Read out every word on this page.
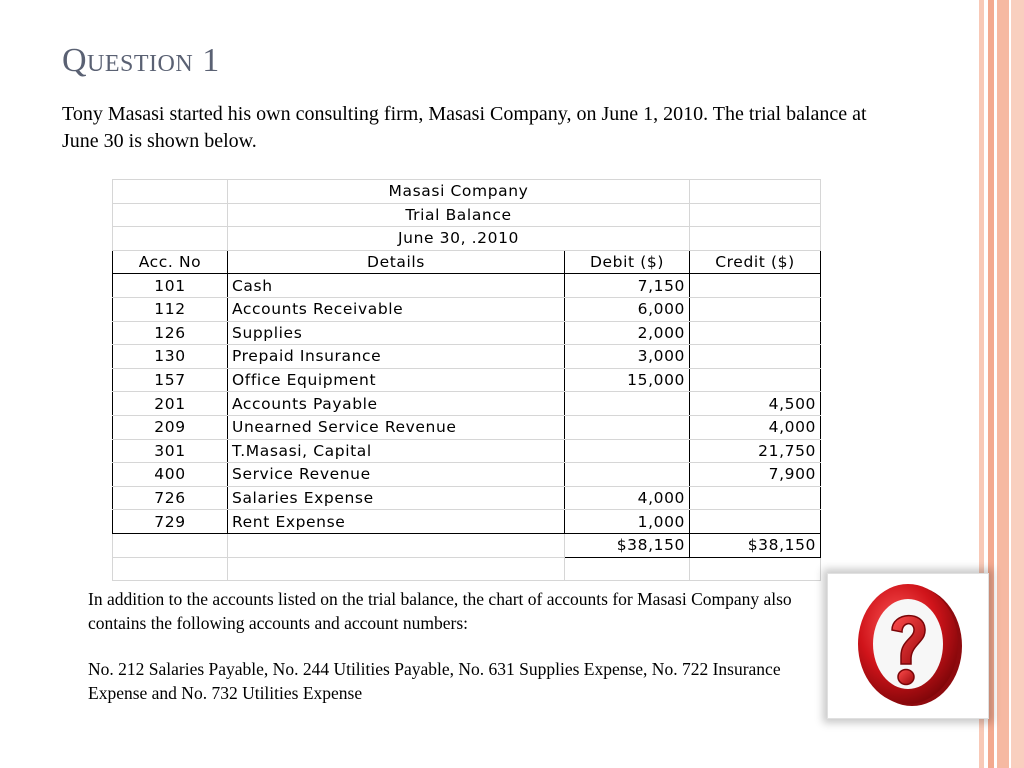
Question 1

Tony Masasi started his own consulting firm, Masasi Company, on June 1, 2010. The trial balance at June 30 is shown below.

	Masasi Company		
	Trial Balance		
	June 30, .2010		
Acc. No	Details	Debit ($)	Credit ($)
101	Cash	7,150	
112	Accounts Receivable	6,000	
126	Supplies	2,000	
130	Prepaid Insurance	3,000	
157	Office Equipment	15,000	
201	Accounts Payable		4,500
209	Unearned Service Revenue		4,000
301	T.Masasi, Capital		21,750
400	Service Revenue		7,900
726	Salaries Expense	4,000	
729	Rent Expense	1,000	
		$38,150	$38,150

In addition to the accounts listed on the trial balance, the chart of accounts for Masasi Company also contains the following accounts and account numbers:

No. 212 Salaries Payable, No. 244 Utilities Payable, No. 631 Supplies Expense, No. 722 Insurance Expense and No. 732 Utilities Expense
